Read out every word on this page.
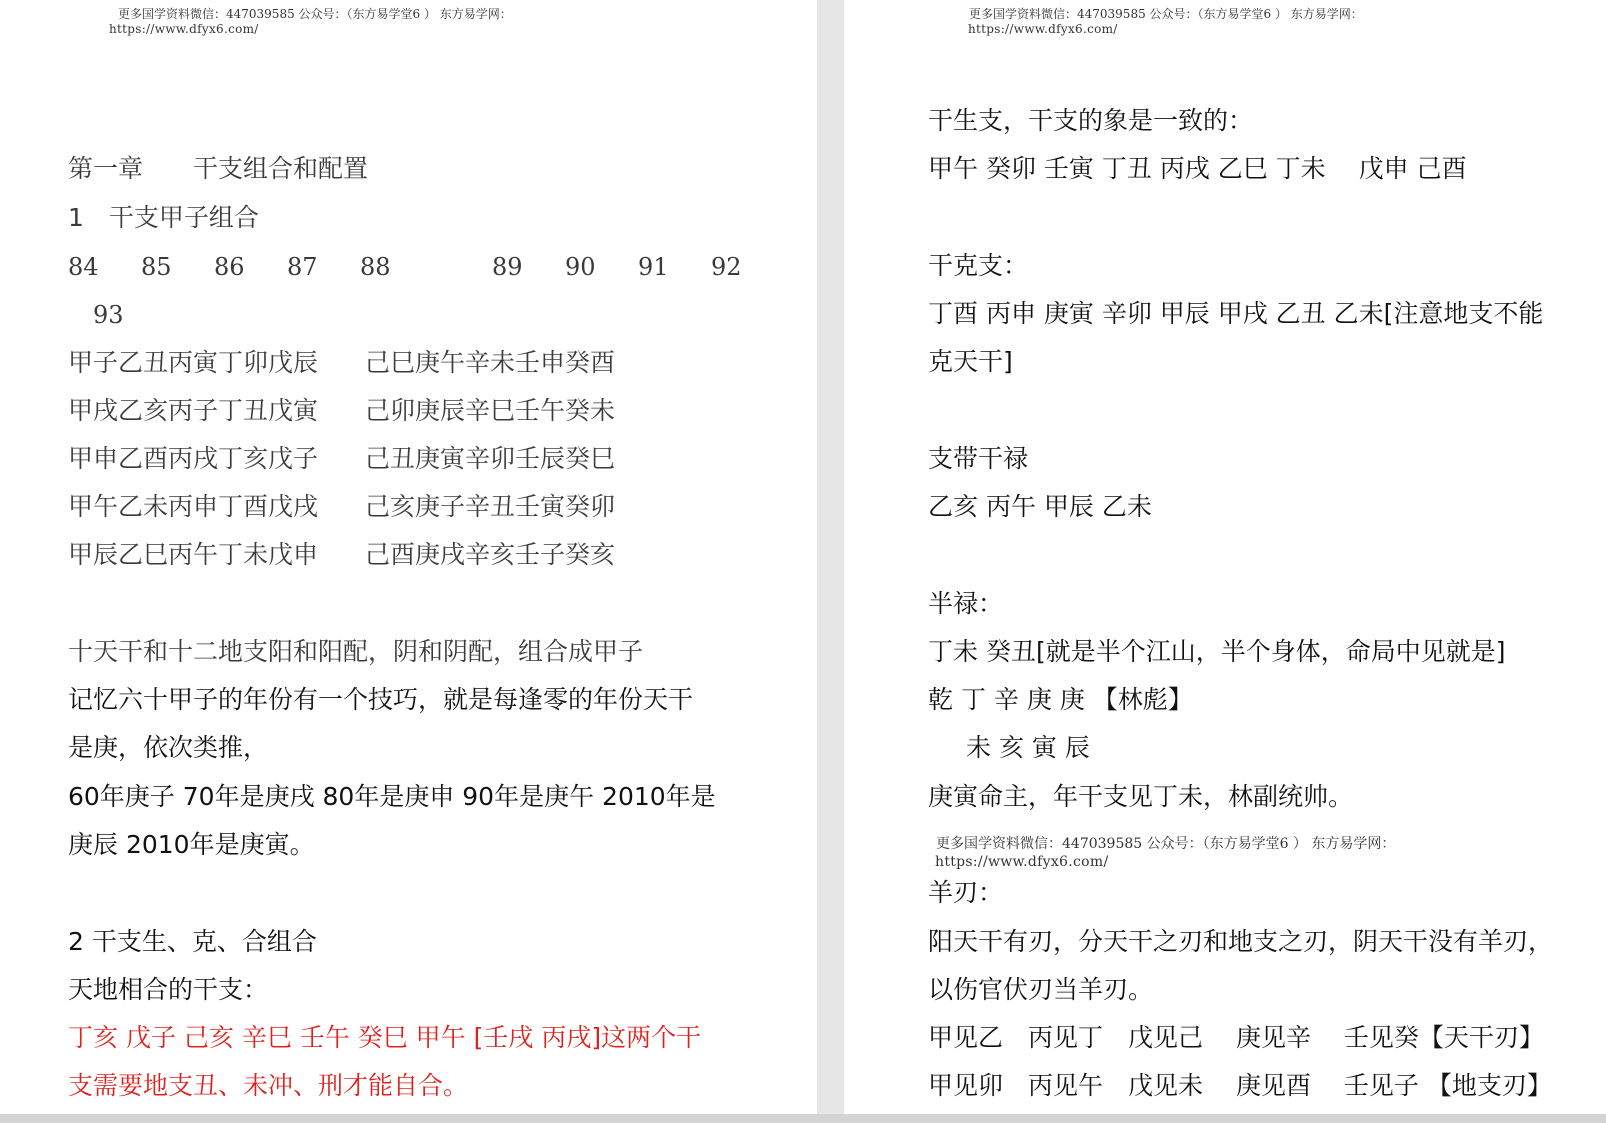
更多国学资料微信：447039585 公众号：（东方易学堂6 ） 东方易学网：
https://www.dfyx6.com/
第一章　　干支组合和配置
1　干支甲子组合
84 85 86 87 88	89 90 91 92
93
甲子乙丑丙寅丁卯戊辰 己巳庚午辛未壬申癸酉
甲戌乙亥丙子丁丑戊寅 己卯庚辰辛巳壬午癸未
甲申乙酉丙戌丁亥戊子 己丑庚寅辛卯壬辰癸巳
甲午乙未丙申丁酉戊戌 己亥庚子辛丑壬寅癸卯
甲辰乙巳丙午丁未戊申 己酉庚戌辛亥壬子癸亥
十天干和十二地支阳和阳配，阴和阴配，组合成甲子
记忆六十甲子的年份有一个技巧，就是每逢零的年份天干
是庚，依次类推，
60年庚子 70年是庚戌 80年是庚申 90年是庚午 2010年是
庚辰 2010年是庚寅。
2 干支生、克、合组合
天地相合的干支：
丁亥 戊子 己亥 辛巳 壬午 癸巳 甲午 [壬戌 丙戌]这两个干
支需要地支丑、未冲、刑才能自合。
更多国学资料微信：447039585 公众号：（东方易学堂6 ） 东方易学网：
https://www.dfyx6.com/
干生支，干支的象是一致的：
甲午 癸卯 壬寅 丁丑 丙戌 乙巳 丁未　 戊申 己酉
干克支：
丁酉 丙申 庚寅 辛卯 甲辰 甲戌 乙丑 乙未[注意地支不能
克天干]
支带干禄
乙亥 丙午 甲辰 乙未
半禄：
丁未 癸丑[就是半个江山，半个身体，命局中见就是]
乾 丁 辛 庚 庚 【林彪】
未 亥 寅 辰
庚寅命主，年干支见丁未，林副统帅。
更多国学资料微信：447039585 公众号：（东方易学堂6 ） 东方易学网：
https://www.dfyx6.com/
羊刃：
阳天干有刃，分天干之刃和地支之刃，阴天干没有羊刃，
以伤官伏刃当羊刃。
甲见乙　丙见丁　戊见己　 庚见辛　 壬见癸【天干刃】
甲见卯　丙见午　戊见未　 庚见酉　 壬见子 【地支刃】
